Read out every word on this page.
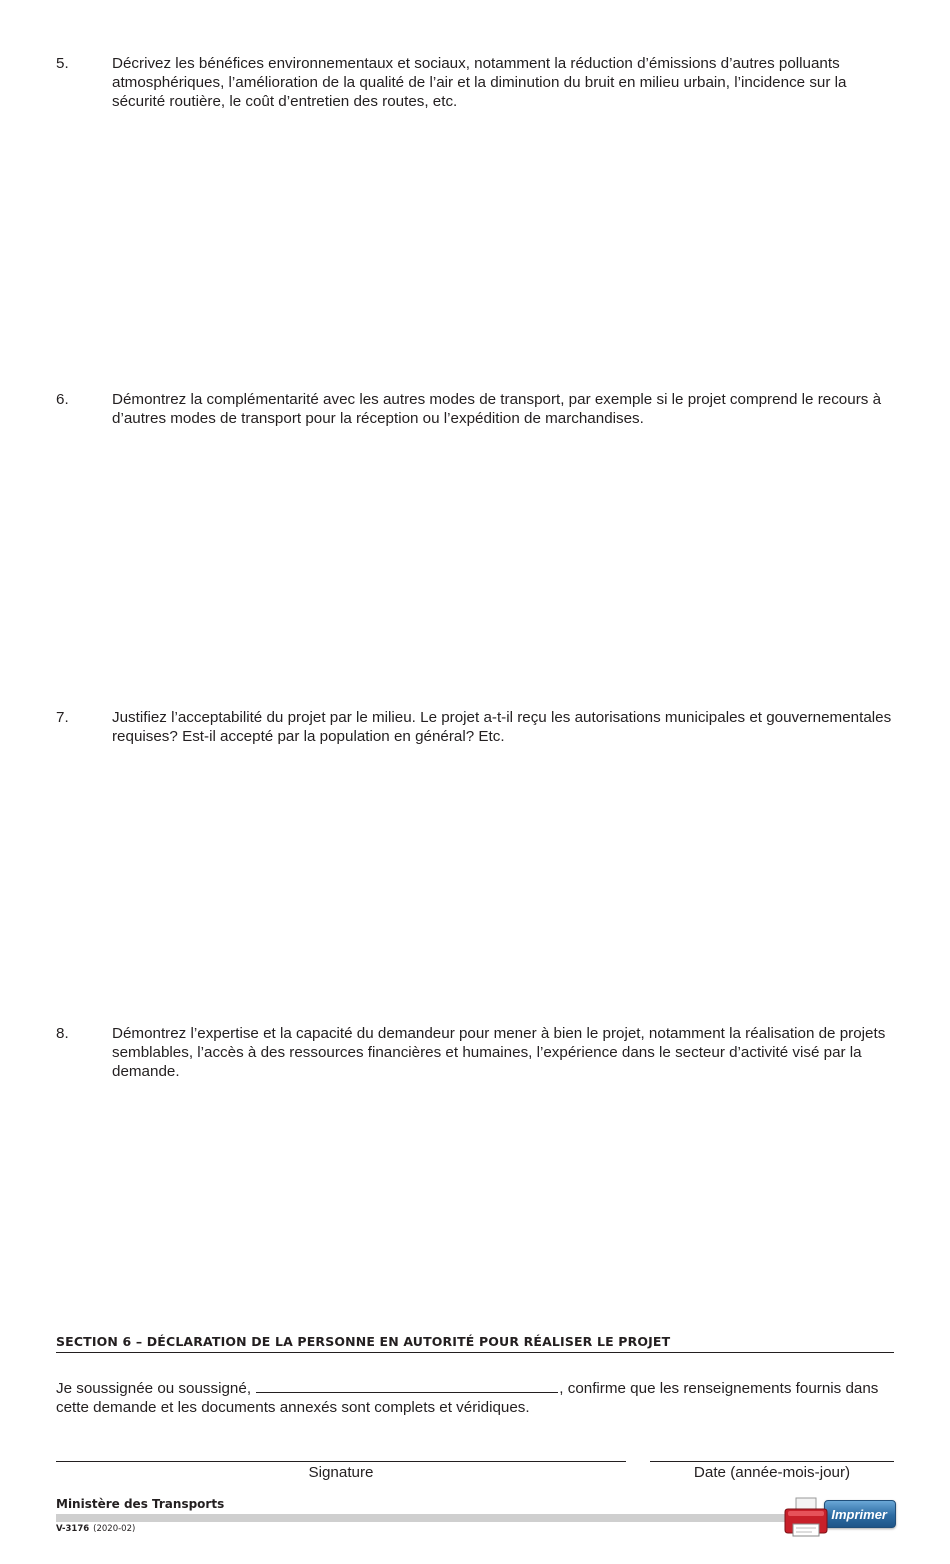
5.	Décrivez les bénéfices environnementaux et sociaux, notamment la réduction d’émissions d’autres polluants atmosphériques, l’amélioration de la qualité de l’air et la diminution du bruit en milieu urbain, l’incidence sur la sécurité routière, le coût d’entretien des routes, etc.
6.	Démontrez la complémentarité avec les autres modes de transport, par exemple si le projet comprend le recours à d’autres modes de transport pour la réception ou l’expédition de marchandises.
7.	Justifiez l’acceptabilité du projet par le milieu. Le projet a-t-il reçu les autorisations municipales et gouvernementales requises? Est-il accepté par la population en général? Etc.
8.	Démontrez l’expertise et la capacité du demandeur pour mener à bien le projet, notamment la réalisation de projets semblables, l’accès à des ressources financières et humaines, l’expérience dans le secteur d’activité visé par la demande.
SECTION 6 – DÉCLARATION DE LA PERSONNE EN AUTORITÉ POUR RÉALISER LE PROJET
Je soussignée ou soussigné,	, confirme que les renseignements fournis dans cette demande et les documents annexés sont complets et véridiques.
Signature	Date (année-mois-jour)
Ministère des Transports
V-3176 (2020-02)
Imprimer
